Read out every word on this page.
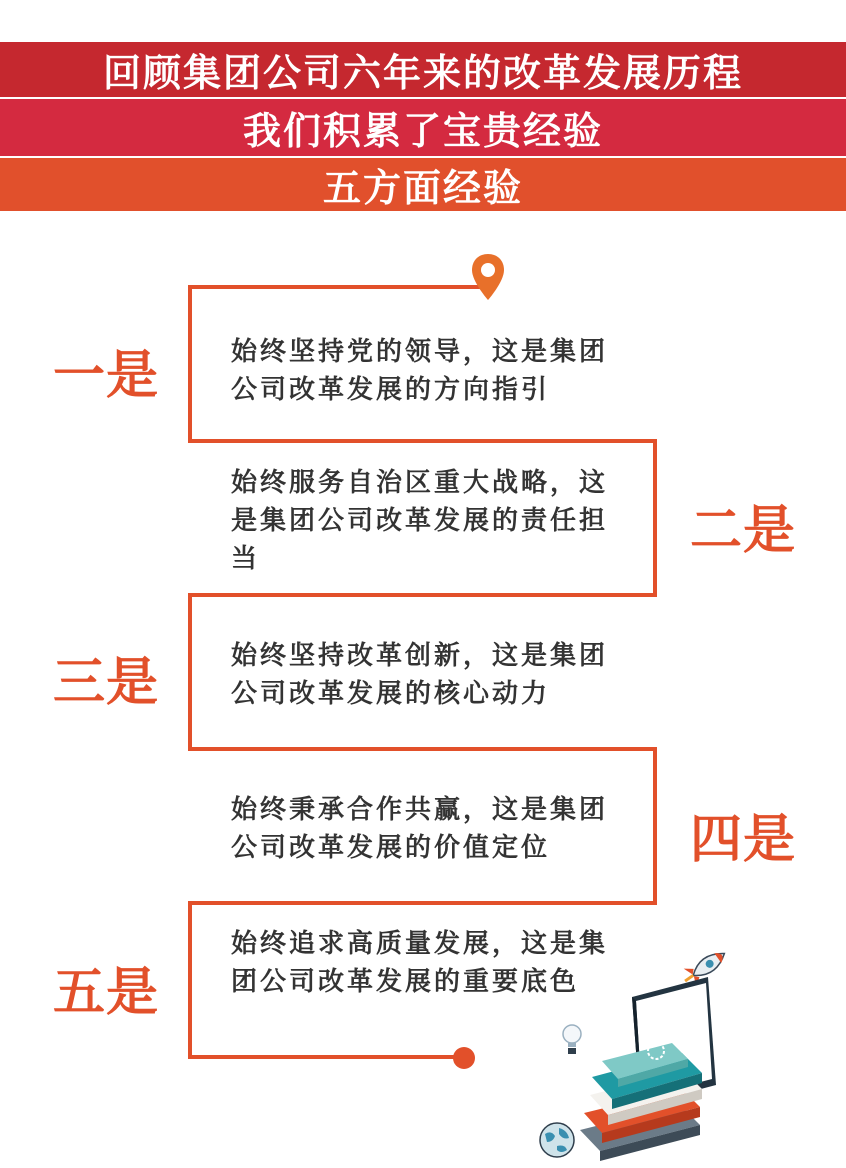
回顾集团公司六年来的改革发展历程
我们积累了宝贵经验
五方面经验
一是	始终坚持党的领导，这是集团公司改革发展的方向指引
二是
始终服务自治区重大战略，这是集团公司改革发展的责任担当
三是	始终坚持改革创新，这是集团公司改革发展的核心动力
四是
始终秉承合作共赢，这是集团公司改革发展的价值定位
五是
始终追求高质量发展，这是集团公司改革发展的重要底色
